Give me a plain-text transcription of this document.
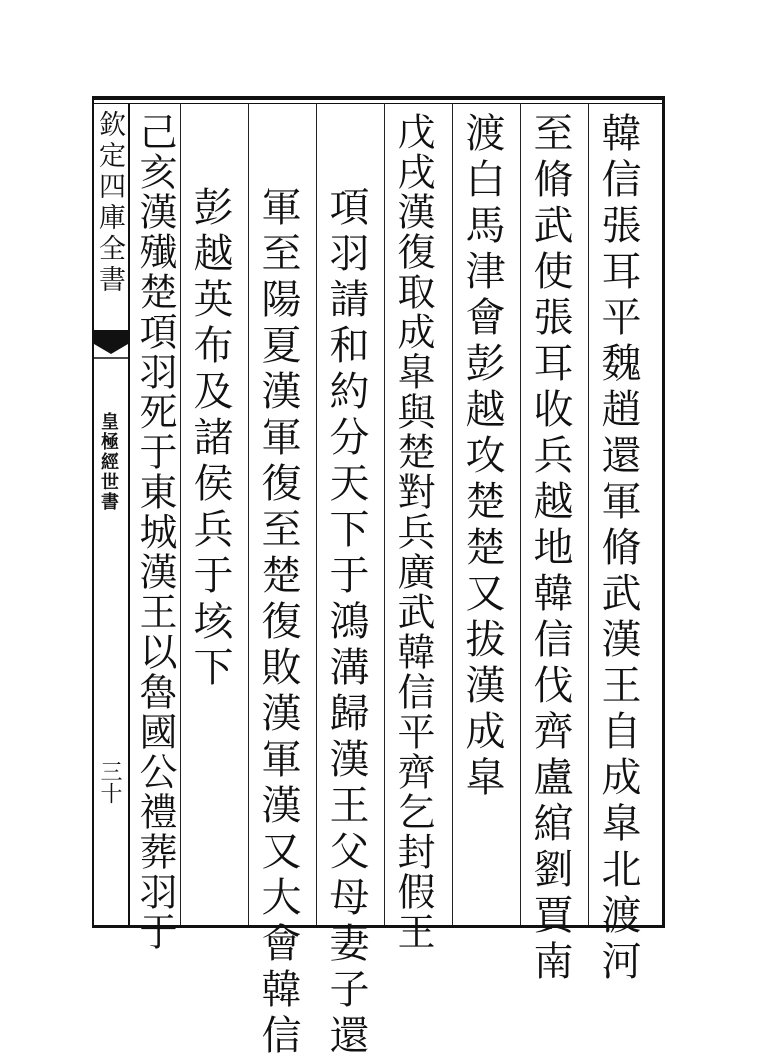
欽定四庫全書
皇極經世書
三十	韓信張耳平魏趙還軍脩武漢王自成皐北渡河
至脩武使張耳收兵越地韓信伐齊盧綰劉賈南
渡白馬津會彭越攻楚楚又拔漢成皐
戊戌漢復取成皐與楚對兵廣武韓信平齊乞封假王
項羽請和約分天下于鴻溝歸漢王父母妻子還
軍至陽夏漢軍復至楚復敗漢軍漢又大會韓信
彭越英布及諸侯兵于垓下
己亥漢殱楚項羽死于東城漢王以魯國公禮葬羽于
